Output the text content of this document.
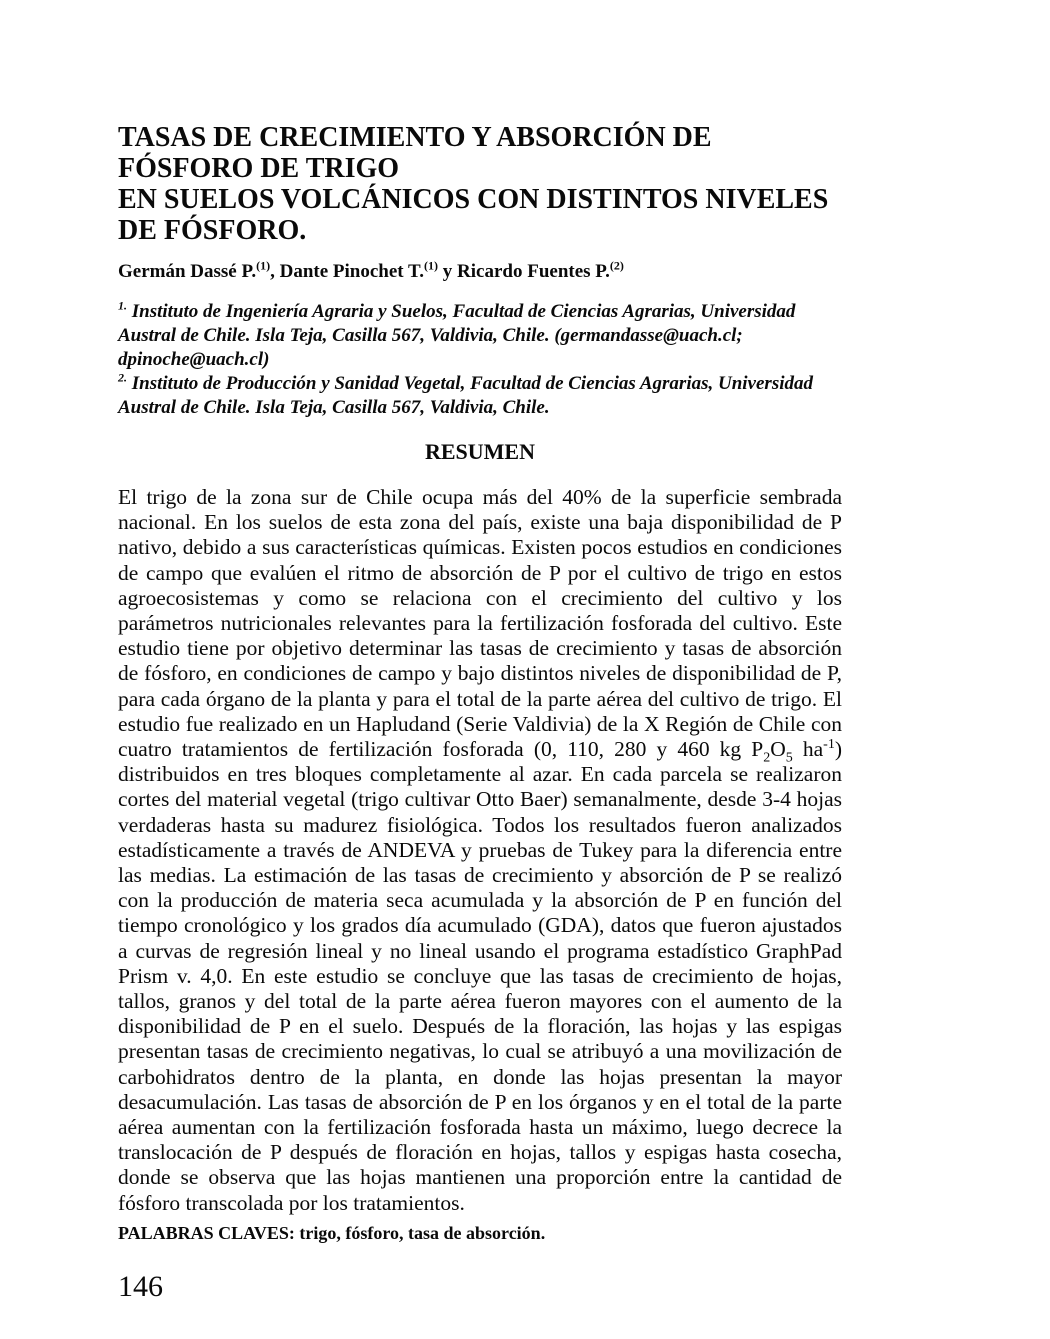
TASAS DE CRECIMIENTO Y ABSORCIÓN DE FÓSFORO DE TRIGO
EN SUELOS VOLCÁNICOS CON DISTINTOS NIVELES DE FÓSFORO.

Germán Dassé P.$^{(1)}$, Dante Pinochet T.$^{(1)}$ y Ricardo Fuentes P.$^{(2)}$

$^{1.}$ Instituto de Ingeniería Agraria y Suelos, Facultad de Ciencias Agrarias, Universidad Austral de Chile. Isla Teja, Casilla 567, Valdivia, Chile. (germandasse@uach.cl; dpinoche@uach.cl)

$^{2.}$ Instituto de Producción y Sanidad Vegetal, Facultad de Ciencias Agrarias, Universidad Austral de Chile. Isla Teja, Casilla 567, Valdivia, Chile.

RESUMEN

El trigo de la zona sur de Chile ocupa más del 40% de la superficie sembrada nacional. En los suelos de esta zona del país, existe una baja disponibilidad de P nativo, debido a sus características químicas. Existen pocos estudios en condiciones de campo que evalúen el ritmo de absorción de P por el cultivo de trigo en estos agroecosistemas y como se relaciona con el crecimiento del cultivo y los parámetros nutricionales relevantes para la fertilización fosforada del cultivo. Este estudio tiene por objetivo determinar las tasas de crecimiento y tasas de absorción de fósforo, en condiciones de campo y bajo distintos niveles de disponibilidad de P, para cada órgano de la planta y para el total de la parte aérea del cultivo de trigo. El estudio fue realizado en un Hapludand (Serie Valdivia) de la X Región de Chile con cuatro tratamientos de fertilización fosforada (0, 110, 280 y 460 kg $P_2O_5$ $ha^{-1}$) distribuidos en tres bloques completamente al azar. En cada parcela se realizaron cortes del material vegetal (trigo cultivar Otto Baer) semanalmente, desde 3-4 hojas verdaderas hasta su madurez fisiológica. Todos los resultados fueron analizados estadísticamente a través de ANDEVA y pruebas de Tukey para la diferencia entre las medias. La estimación de las tasas de crecimiento y absorción de P se realizó con la producción de materia seca acumulada y la absorción de P en función del tiempo cronológico y los grados día acumulado (GDA), datos que fueron ajustados a curvas de regresión lineal y no lineal usando el programa estadístico GraphPad Prism v. 4,0. En este estudio se concluye que las tasas de crecimiento de hojas, tallos, granos y del total de la parte aérea fueron mayores con el aumento de la disponibilidad de P en el suelo. Después de la floración, las hojas y las espigas presentan tasas de crecimiento negativas, lo cual se atribuyó a una movilización de carbohidratos dentro de la planta, en donde las hojas presentan la mayor desacumulación. Las tasas de absorción de P en los órganos y en el total de la parte aérea aumentan con la fertilización fosforada hasta un máximo, luego decrece la translocación de P después de floración en hojas, tallos y espigas hasta cosecha, donde se observa que las hojas mantienen una proporción entre la cantidad de fósforo transcolada por los tratamientos.

PALABRAS CLAVES: trigo, fósforo, tasa de absorción.

146
